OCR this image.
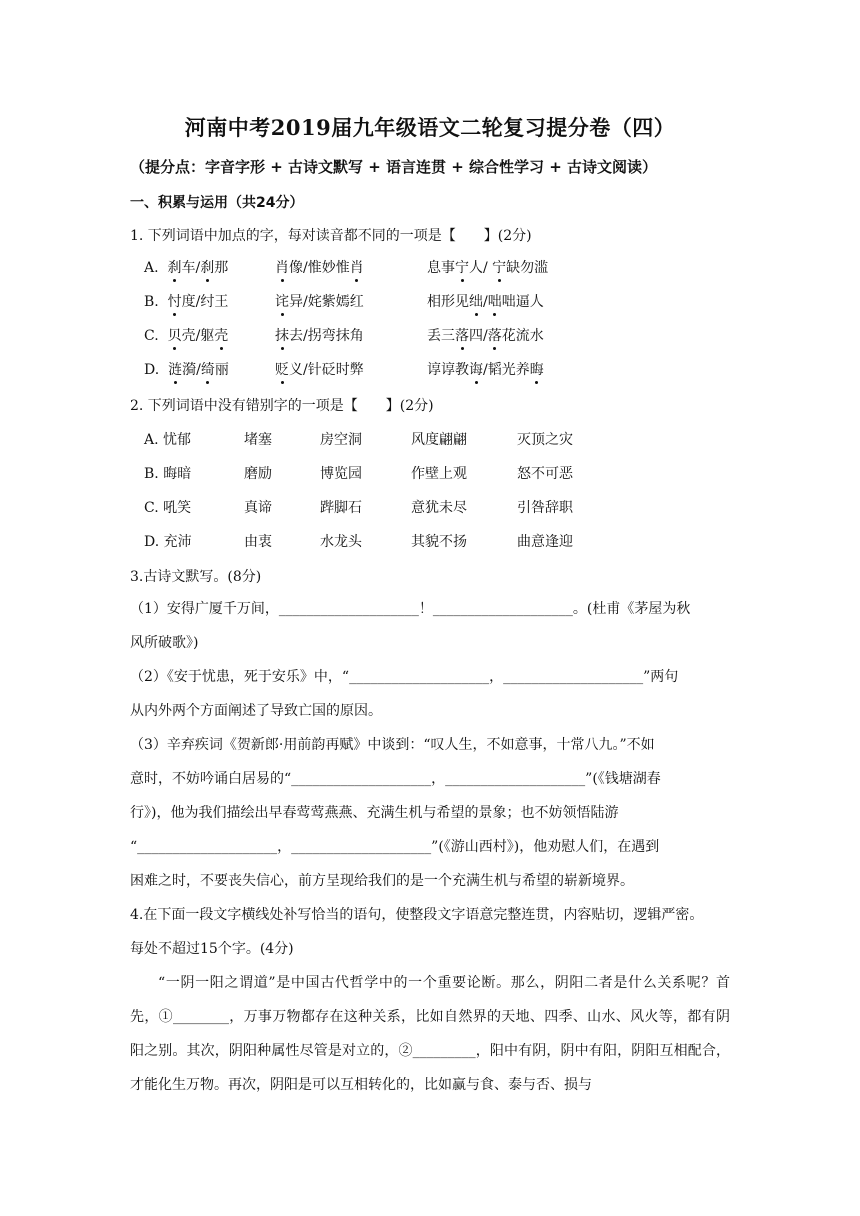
河南中考2019届九年级语文二轮复习提分卷（四）
（提分点：字音字形 + 古诗文默写 + 语言连贯 + 综合性学习 + 古诗文阅读）
一、积累与运用（共24分）
1. 下列词语中加点的字，每对读音都不同的一项是【　　】(2分)
A. 刹车/刹那	肖像/惟妙惟肖	息事宁人/ 宁缺勿滥
B. 忖度/纣王	诧异/姹紫嫣红	相形见绌/咄咄逼人
C. 贝壳/躯壳	抹去/拐弯抹角	丢三落四/落花流水
D. 涟漪/绮丽	贬义/针砭时弊	谆谆教诲/韬光养晦
2. 下列词语中没有错别字的一项是【　　】(2分)
A. 忧郁	堵塞	房空洞	风度翩翩	灭顶之灾
B. 晦暗	磨励	博览园	作壁上观	怒不可恶
C. 吼笑	真谛	跸脚石	意犹未尽	引咎辞职
D. 充沛	由衷	水龙头	其貌不扬	曲意逢迎
3.古诗文默写。(8分)
（1）安得广厦千万间，____________________！____________________。(杜甫《茅屋为秋
风所破歌》)
（2）《安于忧患，死于安乐》中，“____________________，____________________”两句
从内外两个方面阐述了导致亡国的原因。
（3）辛弃疾词《贺新郎·用前韵再赋》中谈到：“叹人生，不如意事，十常八九。”不如
意时，不妨吟诵白居易的“____________________，____________________”(《钱塘湖春
行》)，他为我们描绘出早春莺莺燕燕、充满生机与希望的景象；也不妨领悟陆游
“____________________，____________________”(《游山西村》)，他劝慰人们，在遇到
困难之时，不要丧失信心，前方呈现给我们的是一个充满生机与希望的崭新境界。
4.在下面一段文字横线处补写恰当的语句，使整段文字语意完整连贯，内容贴切，逻辑严密。
每处不超过15个字。(4分)
“一阴一阳之谓道”是中国古代哲学中的一个重要论断。那么，阴阳二者是什么关系呢？首先，①________，万事万物都存在这种关系，比如自然界的天地、四季、山水、风火等，都有阴阳之别。其次，阴阳种属性尽管是对立的，②_________，阳中有阴，阴中有阳，阴阳互相配合，才能化生万物。再次，阴阳是可以互相转化的，比如赢与食、泰与否、损与
